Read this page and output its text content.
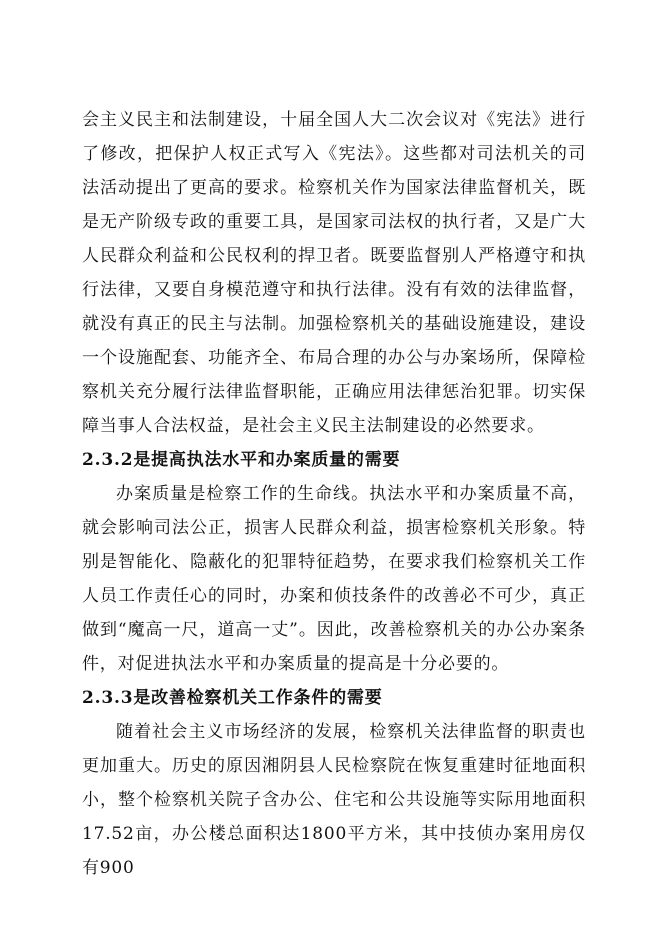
会主义民主和法制建设，十届全国人大二次会议对《宪法》进行了修改，把保护人权正式写入《宪法》。这些都对司法机关的司法活动提出了更高的要求。检察机关作为国家法律监督机关，既是无产阶级专政的重要工具，是国家司法权的执行者，又是广大人民群众利益和公民权利的捍卫者。既要监督别人严格遵守和执行法律，又要自身模范遵守和执行法律。没有有效的法律监督，就没有真正的民主与法制。加强检察机关的基础设施建设，建设一个设施配套、功能齐全、布局合理的办公与办案场所，保障检察机关充分履行法律监督职能，正确应用法律惩治犯罪。切实保障当事人合法权益，是社会主义民主法制建设的必然要求。

2.3.2是提高执法水平和办案质量的需要

办案质量是检察工作的生命线。执法水平和办案质量不高，就会影响司法公正，损害人民群众利益，损害检察机关形象。特别是智能化、隐蔽化的犯罪特征趋势，在要求我们检察机关工作人员工作责任心的同时，办案和侦技条件的改善必不可少，真正做到“魔高一尺，道高一丈”。因此，改善检察机关的办公办案条件，对促进执法水平和办案质量的提高是十分必要的。

2.3.3是改善检察机关工作条件的需要

随着社会主义市场经济的发展，检察机关法律监督的职责也更加重大。历史的原因湘阴县人民检察院在恢复重建时征地面积小，整个检察机关院子含办公、住宅和公共设施等实际用地面积 17.52亩，办公楼总面积达1800平方米，其中技侦办案用房仅有900
